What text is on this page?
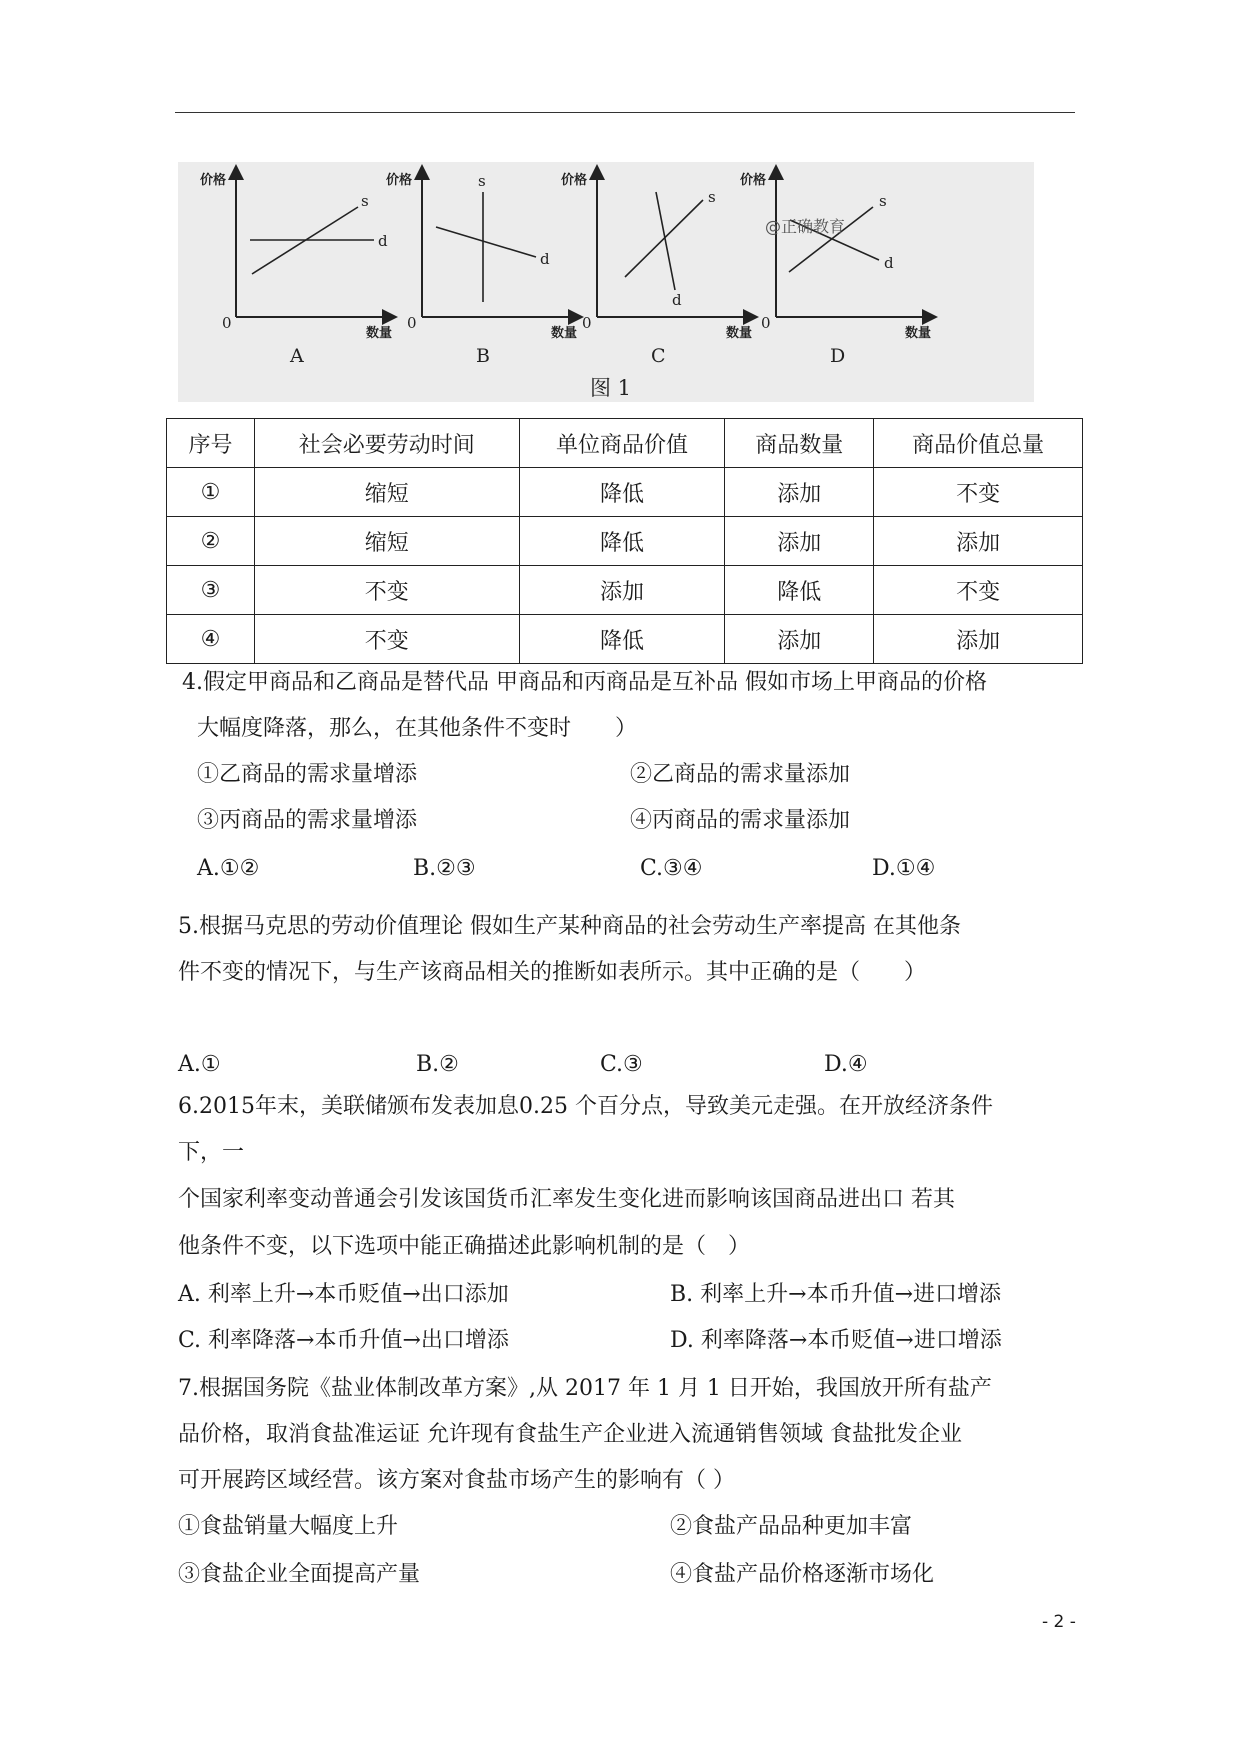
价格
数量
0
s
d
A
价格
数量
0
s
d
B
价格
数量
0
s
d
C
价格
数量
0
s
d
@正确教育
D
图 1
序号	社会必要劳动时间	单位商品价值	商品数量	商品价值总量
①	缩短	降低	添加	不变
②	缩短	降低	添加	添加
③	不变	添加	降低	不变
④	不变	降低	添加	添加
4.假定甲商品和乙商品是替代品 甲商品和丙商品是互补品 假如市场上甲商品的价格
大幅度降落，那么，在其他条件不变时　　）
①乙商品的需求量增添	②乙商品的需求量添加
③丙商品的需求量增添	④丙商品的需求量添加
A.①②	B.②③	C.③④	D.①④
5.根据马克思的劳动价值理论 假如生产某种商品的社会劳动生产率提高 在其他条
件不变的情况下，与生产该商品相关的推断如表所示。其中正确的是（　　）
A.①	B.②	C.③	D.④
6.2015年末，美联储颁布发表加息0.25 个百分点，导致美元走强。在开放经济条件
下，一
个国家利率变动普通会引发该国货币汇率发生变化进而影响该国商品进出口 若其
他条件不变，以下选项中能正确描述此影响机制的是（　）
A. 利率上升→本币贬值→出口添加	B. 利率上升→本币升值→进口增添
C. 利率降落→本币升值→出口增添	D. 利率降落→本币贬值→进口增添
7.根据国务院《盐业体制改革方案》,从 2017 年 1 月 1 日开始，我国放开所有盐产
品价格，取消食盐准运证 允许现有食盐生产企业进入流通销售领域 食盐批发企业
可开展跨区域经营。该方案对食盐市场产生的影响有（ ）
①食盐销量大幅度上升	②食盐产品品种更加丰富
③食盐企业全面提高产量	④食盐产品价格逐渐市场化
- 2 -
